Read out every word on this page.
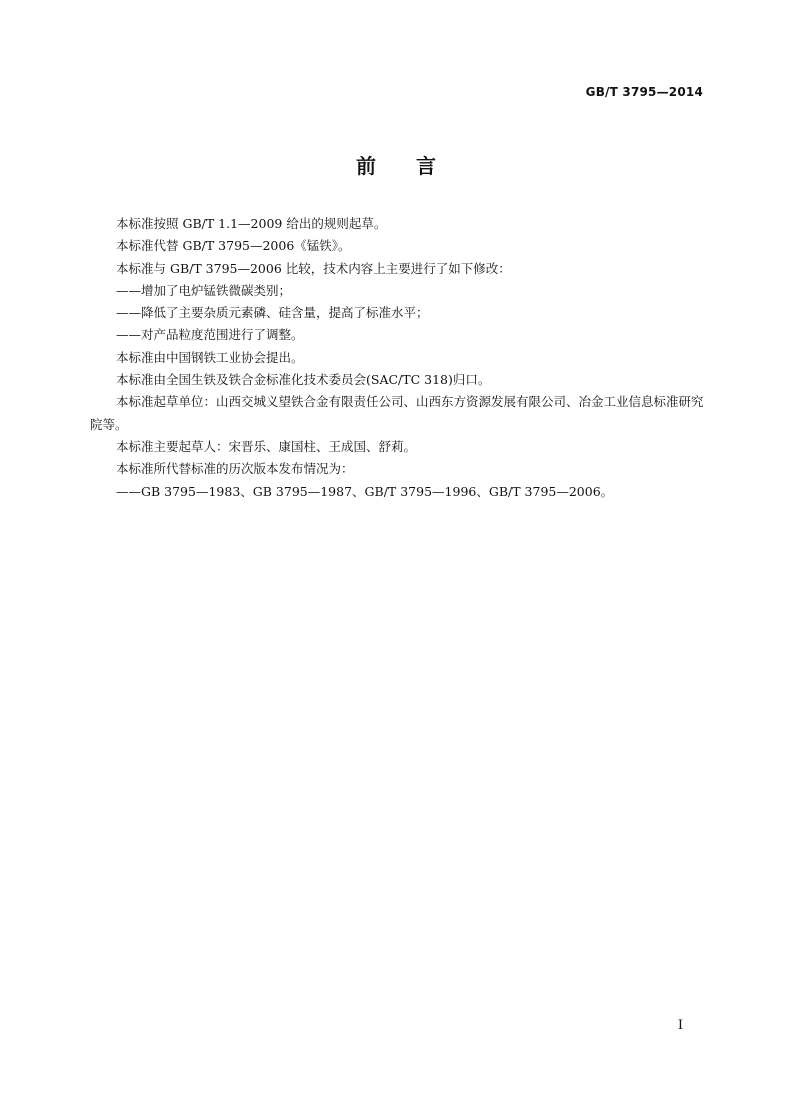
GB/T 3795—2014
前言

本标准按照 GB/T 1.1—2009 给出的规则起草。

本标准代替 GB/T 3795—2006《锰铁》。

本标准与 GB/T 3795—2006 比较，技术内容上主要进行了如下修改：

——增加了电炉锰铁微碳类别；

——降低了主要杂质元素磷、硅含量，提高了标准水平；

——对产品粒度范围进行了调整。

本标准由中国钢铁工业协会提出。

本标准由全国生铁及铁合金标准化技术委员会(SAC/TC 318)归口。

本标准起草单位：山西交城义望铁合金有限责任公司、山西东方资源发展有限公司、冶金工业信息标准研究院等。

本标准主要起草人：宋晋乐、康国柱、王成国、舒莉。

本标准所代替标准的历次版本发布情况为：

——GB 3795—1983、GB 3795—1987、GB/T 3795—1996、GB/T 3795—2006。

I
